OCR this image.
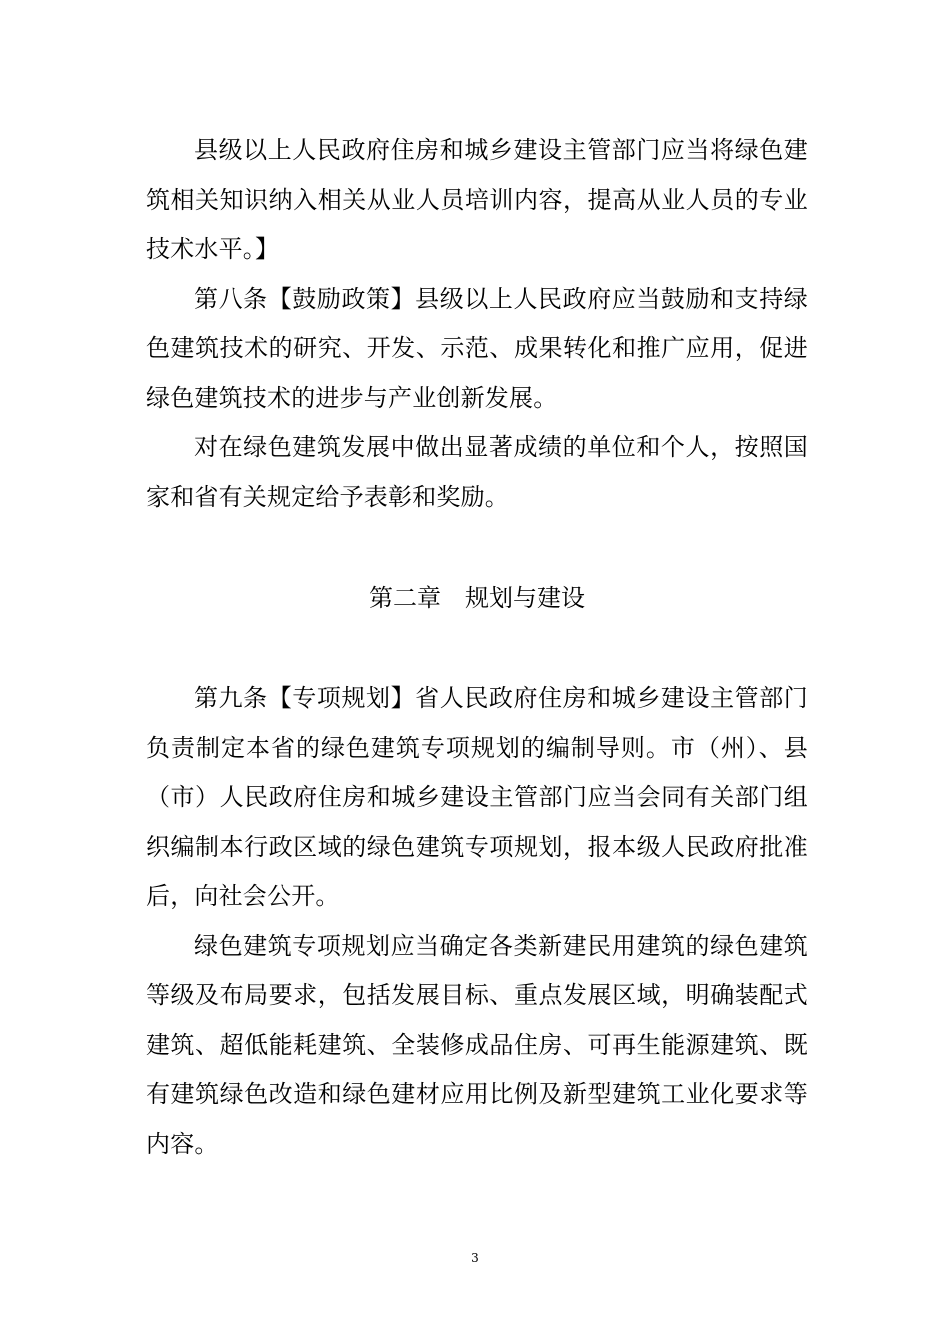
县级以上人民政府住房和城乡建设主管部门应当将绿色建筑相关知识纳入相关从业人员培训内容，提高从业人员的专业技术水平。】

第八条【鼓励政策】县级以上人民政府应当鼓励和支持绿色建筑技术的研究、开发、示范、成果转化和推广应用，促进绿色建筑技术的进步与产业创新发展。

对在绿色建筑发展中做出显著成绩的单位和个人，按照国家和省有关规定给予表彰和奖励。

第二章　规划与建设

第九条【专项规划】省人民政府住房和城乡建设主管部门负责制定本省的绿色建筑专项规划的编制导则。市（州）、县（市）人民政府住房和城乡建设主管部门应当会同有关部门组织编制本行政区域的绿色建筑专项规划，报本级人民政府批准后，向社会公开。

绿色建筑专项规划应当确定各类新建民用建筑的绿色建筑等级及布局要求，包括发展目标、重点发展区域，明确装配式建筑、超低能耗建筑、全装修成品住房、可再生能源建筑、既有建筑绿色改造和绿色建材应用比例及新型建筑工业化要求等内容。

3
